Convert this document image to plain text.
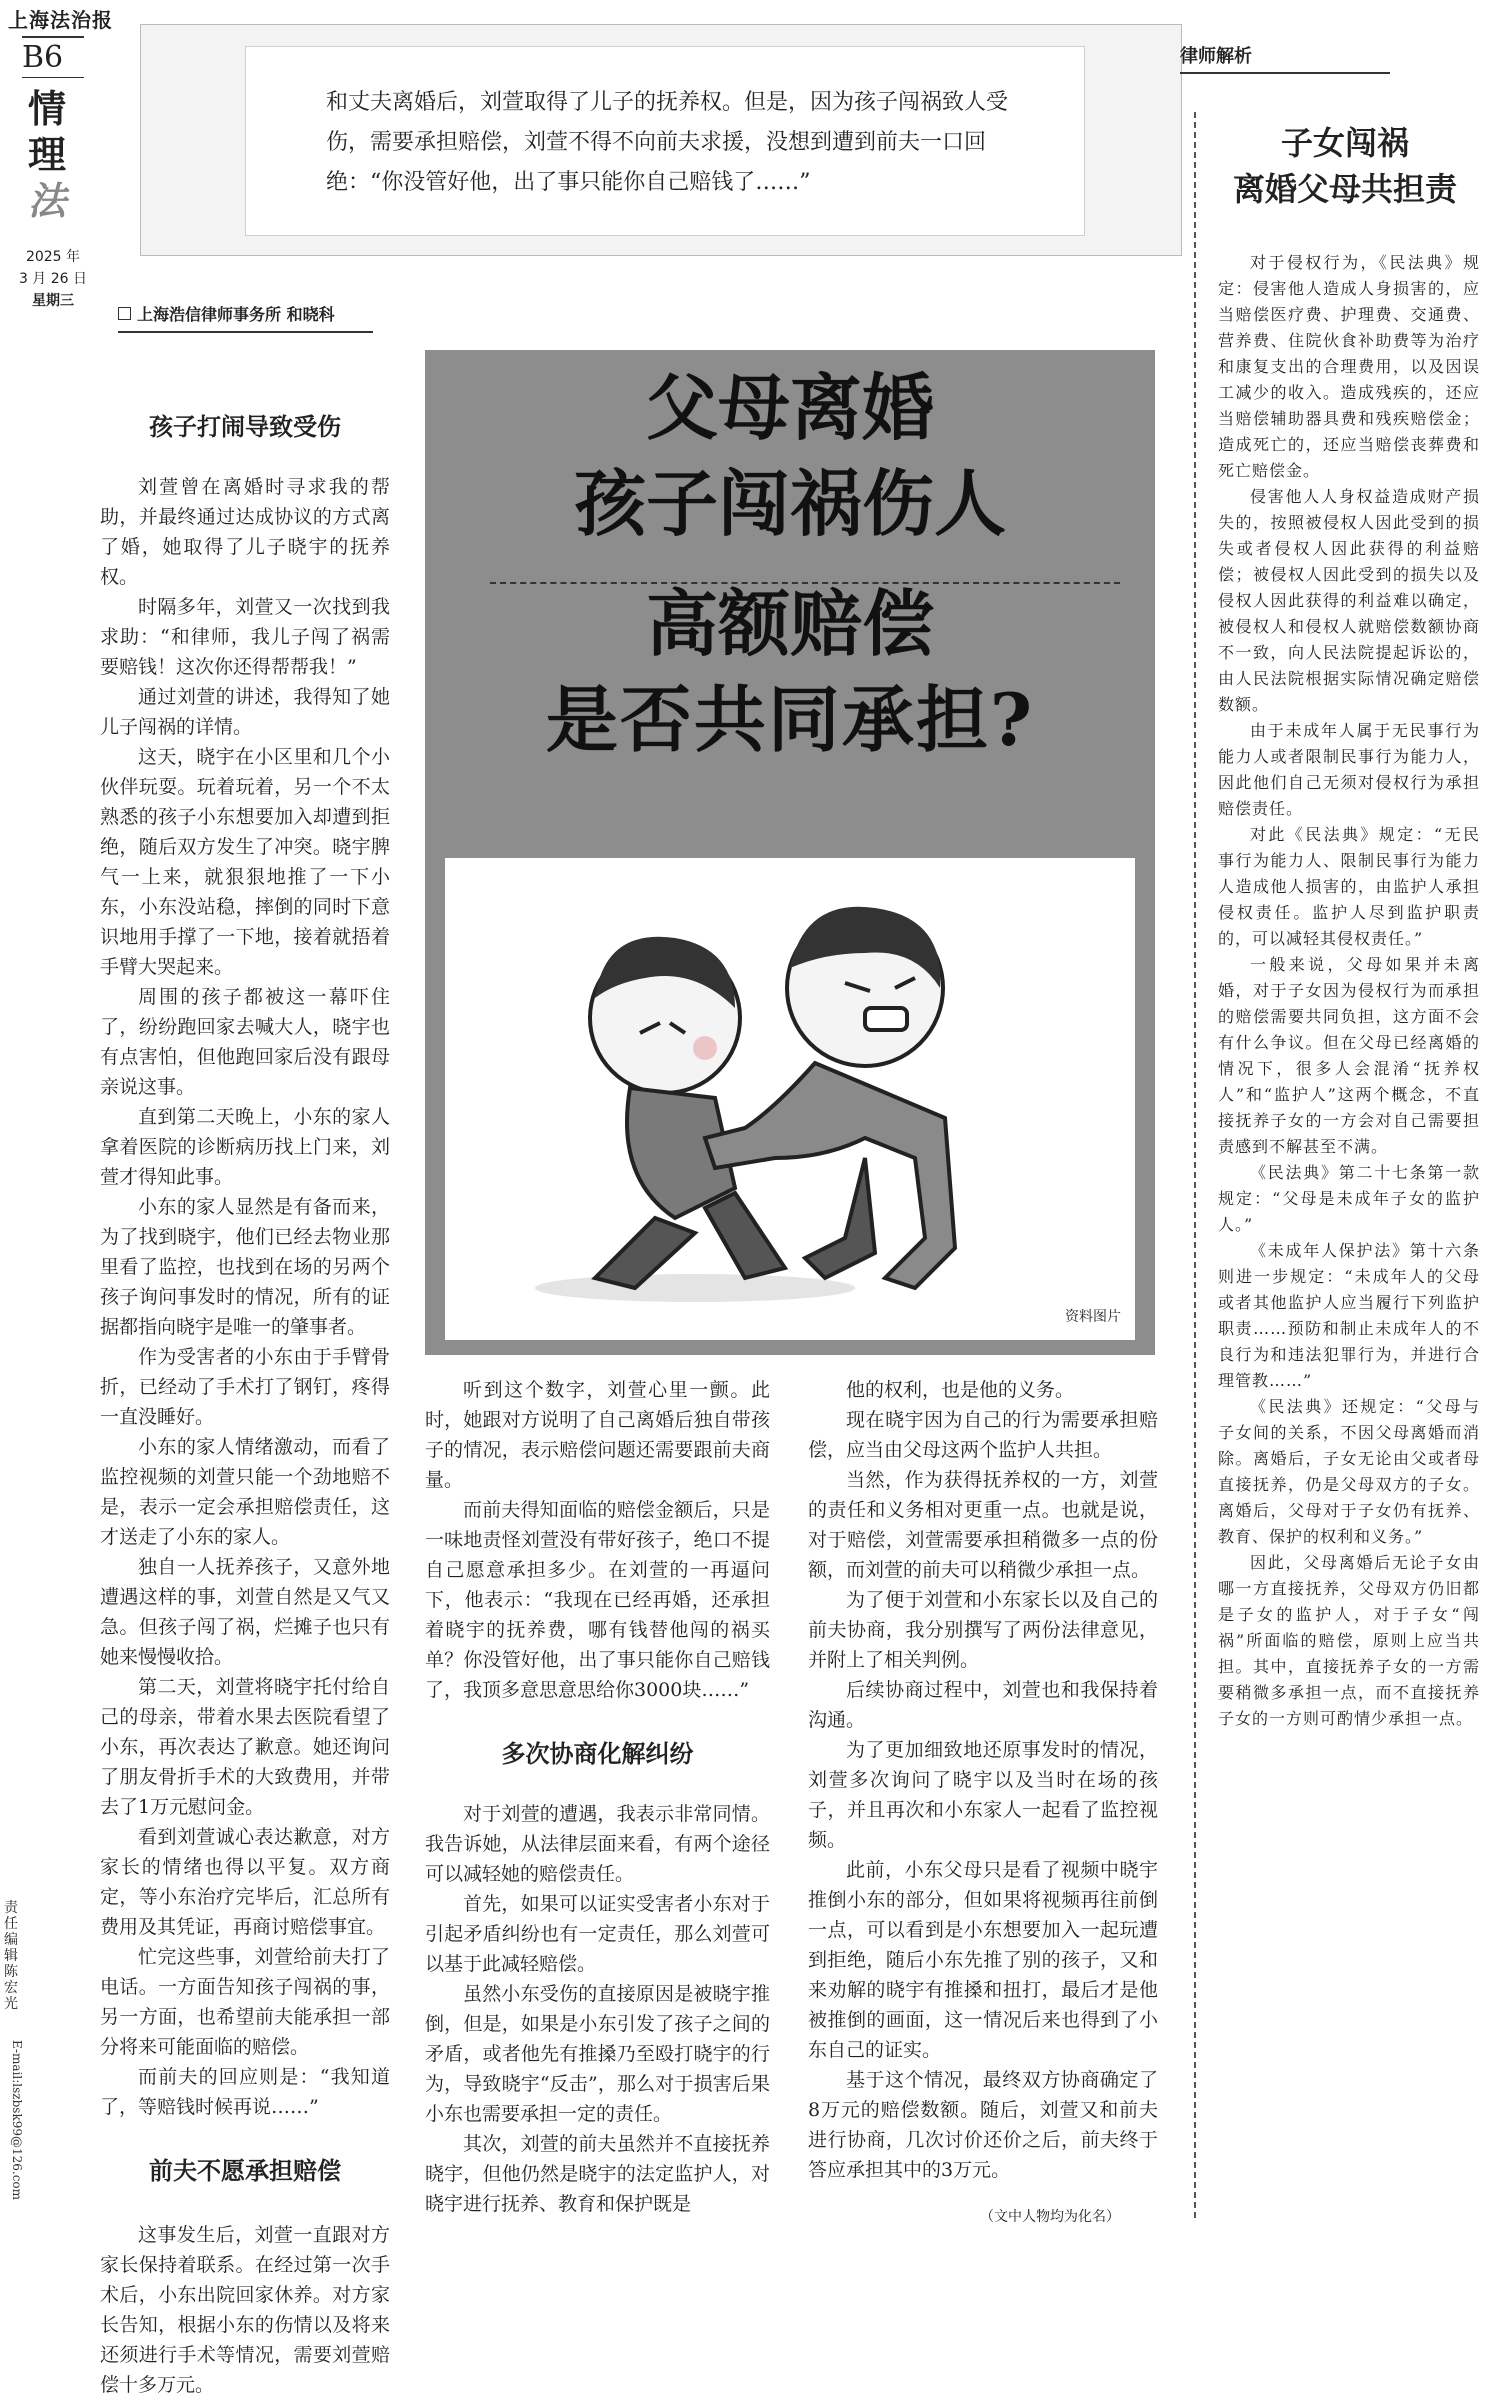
上海法治报
B6
情
理
法
2025 年
3 月 26 日
星期三
责任编辑 陈宏光
E-mail:lszbsk99@126.com
和丈夫离婚后，刘萱取得了儿子的抚养权。但是，因为孩子闯祸致人受伤，需要承担赔偿，刘萱不得不向前夫求援，没想到遭到前夫一口回绝：“你没管好他，出了事只能你自己赔钱了……”
上海浩信律师事务所 和晓科
父母离婚
孩子闯祸伤人
高额赔偿
是否共同承担?
资料图片

孩子打闹导致受伤

刘萱曾在离婚时寻求我的帮助，并最终通过达成协议的方式离了婚，她取得了儿子晓宇的抚养权。

时隔多年，刘萱又一次找到我求助：“和律师，我儿子闯了祸需要赔钱！这次你还得帮帮我！”

通过刘萱的讲述，我得知了她儿子闯祸的详情。

这天，晓宇在小区里和几个小伙伴玩耍。玩着玩着，另一个不太熟悉的孩子小东想要加入却遭到拒绝，随后双方发生了冲突。晓宇脾气一上来，就狠狠地推了一下小东，小东没站稳，摔倒的同时下意识地用手撑了一下地，接着就捂着手臂大哭起来。

周围的孩子都被这一幕吓住了，纷纷跑回家去喊大人，晓宇也有点害怕，但他跑回家后没有跟母亲说这事。

直到第二天晚上，小东的家人拿着医院的诊断病历找上门来，刘萱才得知此事。

小东的家人显然是有备而来，为了找到晓宇，他们已经去物业那里看了监控，也找到在场的另两个孩子询问事发时的情况，所有的证据都指向晓宇是唯一的肇事者。

作为受害者的小东由于手臂骨折，已经动了手术打了钢钉，疼得一直没睡好。

小东的家人情绪激动，而看了监控视频的刘萱只能一个劲地赔不是，表示一定会承担赔偿责任，这才送走了小东的家人。

独自一人抚养孩子，又意外地遭遇这样的事，刘萱自然是又气又急。但孩子闯了祸，烂摊子也只有她来慢慢收拾。

第二天，刘萱将晓宇托付给自己的母亲，带着水果去医院看望了小东，再次表达了歉意。她还询问了朋友骨折手术的大致费用，并带去了1万元慰问金。

看到刘萱诚心表达歉意，对方家长的情绪也得以平复。双方商定，等小东治疗完毕后，汇总所有费用及其凭证，再商讨赔偿事宜。

忙完这些事，刘萱给前夫打了电话。一方面告知孩子闯祸的事，另一方面，也希望前夫能承担一部分将来可能面临的赔偿。

而前夫的回应则是：“我知道了，等赔钱时候再说……”

前夫不愿承担赔偿

这事发生后，刘萱一直跟对方家长保持着联系。在经过第一次手术后，小东出院回家休养。对方家长告知，根据小东的伤情以及将来还须进行手术等情况，需要刘萱赔偿十多万元。

听到这个数字，刘萱心里一颤。此时，她跟对方说明了自己离婚后独自带孩子的情况，表示赔偿问题还需要跟前夫商量。

而前夫得知面临的赔偿金额后，只是一味地责怪刘萱没有带好孩子，绝口不提自己愿意承担多少。在刘萱的一再逼问下，他表示：“我现在已经再婚，还承担着晓宇的抚养费，哪有钱替他闯的祸买单？你没管好他，出了事只能你自己赔钱了，我顶多意思意思给你3000块……”

多次协商化解纠纷

对于刘萱的遭遇，我表示非常同情。我告诉她，从法律层面来看，有两个途径可以减轻她的赔偿责任。

首先，如果可以证实受害者小东对于引起矛盾纠纷也有一定责任，那么刘萱可以基于此减轻赔偿。

虽然小东受伤的直接原因是被晓宇推倒，但是，如果是小东引发了孩子之间的矛盾，或者他先有推搡乃至殴打晓宇的行为，导致晓宇“反击”，那么对于损害后果小东也需要承担一定的责任。

其次，刘萱的前夫虽然并不直接抚养晓宇，但他仍然是晓宇的法定监护人，对晓宇进行抚养、教育和保护既是

他的权利，也是他的义务。

现在晓宇因为自己的行为需要承担赔偿，应当由父母这两个监护人共担。

当然，作为获得抚养权的一方，刘萱的责任和义务相对更重一点。也就是说，对于赔偿，刘萱需要承担稍微多一点的份额，而刘萱的前夫可以稍微少承担一点。

为了便于刘萱和小东家长以及自己的前夫协商，我分别撰写了两份法律意见，并附上了相关判例。

后续协商过程中，刘萱也和我保持着沟通。

为了更加细致地还原事发时的情况，刘萱多次询问了晓宇以及当时在场的孩子，并且再次和小东家人一起看了监控视频。

此前，小东父母只是看了视频中晓宇推倒小东的部分，但如果将视频再往前倒一点，可以看到是小东想要加入一起玩遭到拒绝，随后小东先推了别的孩子，又和来劝解的晓宇有推搡和扭打，最后才是他被推倒的画面，这一情况后来也得到了小东自己的证实。

基于这个情况，最终双方协商确定了8万元的赔偿数额。随后，刘萱又和前夫进行协商，几次讨价还价之后，前夫终于答应承担其中的3万元。

（文中人物均为化名）
律师解析
子女闯祸
离婚父母共担责

对于侵权行为，《民法典》规定：侵害他人造成人身损害的，应当赔偿医疗费、护理费、交通费、营养费、住院伙食补助费等为治疗和康复支出的合理费用，以及因误工减少的收入。造成残疾的，还应当赔偿辅助器具费和残疾赔偿金；造成死亡的，还应当赔偿丧葬费和死亡赔偿金。

侵害他人人身权益造成财产损失的，按照被侵权人因此受到的损失或者侵权人因此获得的利益赔偿；被侵权人因此受到的损失以及侵权人因此获得的利益难以确定，被侵权人和侵权人就赔偿数额协商不一致，向人民法院提起诉讼的，由人民法院根据实际情况确定赔偿数额。

由于未成年人属于无民事行为能力人或者限制民事行为能力人，因此他们自己无须对侵权行为承担赔偿责任。

对此《民法典》规定：“无民事行为能力人、限制民事行为能力人造成他人损害的，由监护人承担侵权责任。监护人尽到监护职责的，可以减轻其侵权责任。”

一般来说，父母如果并未离婚，对于子女因为侵权行为而承担的赔偿需要共同负担，这方面不会有什么争议。但在父母已经离婚的情况下，很多人会混淆“抚养权人”和“监护人”这两个概念，不直接抚养子女的一方会对自己需要担责感到不解甚至不满。

《民法典》第二十七条第一款规定：“父母是未成年子女的监护人。”

《未成年人保护法》第十六条则进一步规定：“未成年人的父母或者其他监护人应当履行下列监护职责……预防和制止未成年人的不良行为和违法犯罪行为，并进行合理管教……”

《民法典》还规定：“父母与子女间的关系，不因父母离婚而消除。离婚后，子女无论由父或者母直接抚养，仍是父母双方的子女。离婚后，父母对于子女仍有抚养、教育、保护的权利和义务。”

因此，父母离婚后无论子女由哪一方直接抚养，父母双方仍旧都是子女的监护人，对于子女“闯祸”所面临的赔偿，原则上应当共担。其中，直接抚养子女的一方需要稍微多承担一点，而不直接抚养子女的一方则可酌情少承担一点。
